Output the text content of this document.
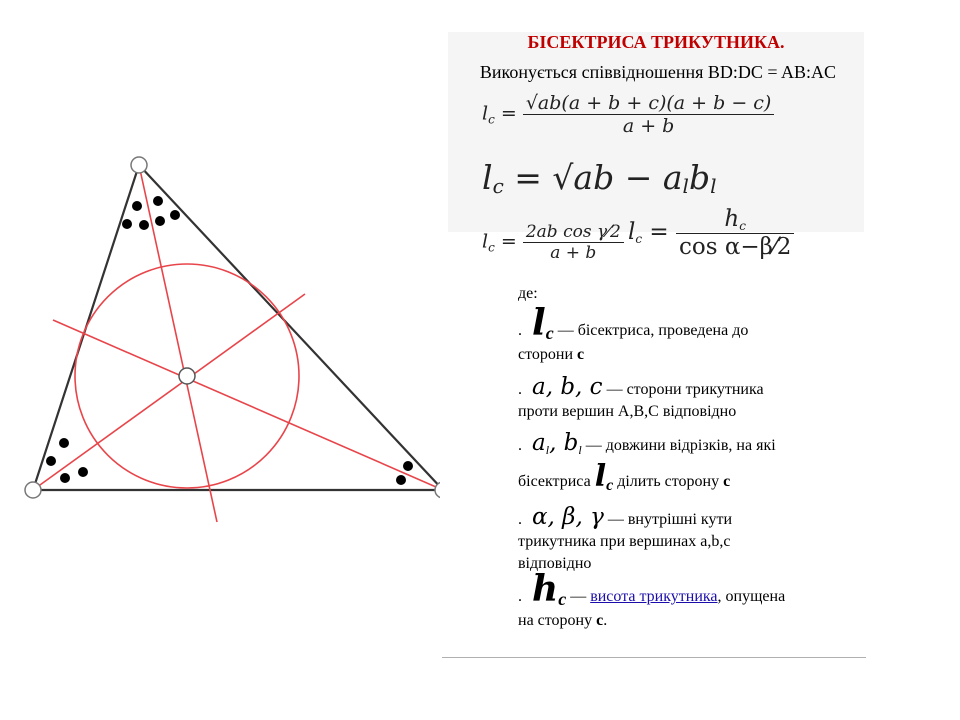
БІСЕКТРИСА ТРИКУТНИКА.
Виконується співвідношення BD:DC = AB:AC
$l_c = \frac{√ab(a + b + c)(a + b - c)}{a + b}$
$l_c = √ab - a_lb_l$
$l_c = \frac{\text{2ab cos γ⁄2}}{a + b} l_c = \frac{h_c}{\text{cos α−β⁄2}}$
де:
. lc — бісектриса, проведена до
сторони c
. a, b, c — сторони трикутника
проти вершин А,В,С відповідно
. $a_l$, $b_l$ — довжини відрізків, на які
бісектриса lc ділить сторону c
. α, β, γ — внутрішні кути
трикутника при вершинах a,b,c
відповідно
. hc — висота трикутника, опущена
на сторону c.
